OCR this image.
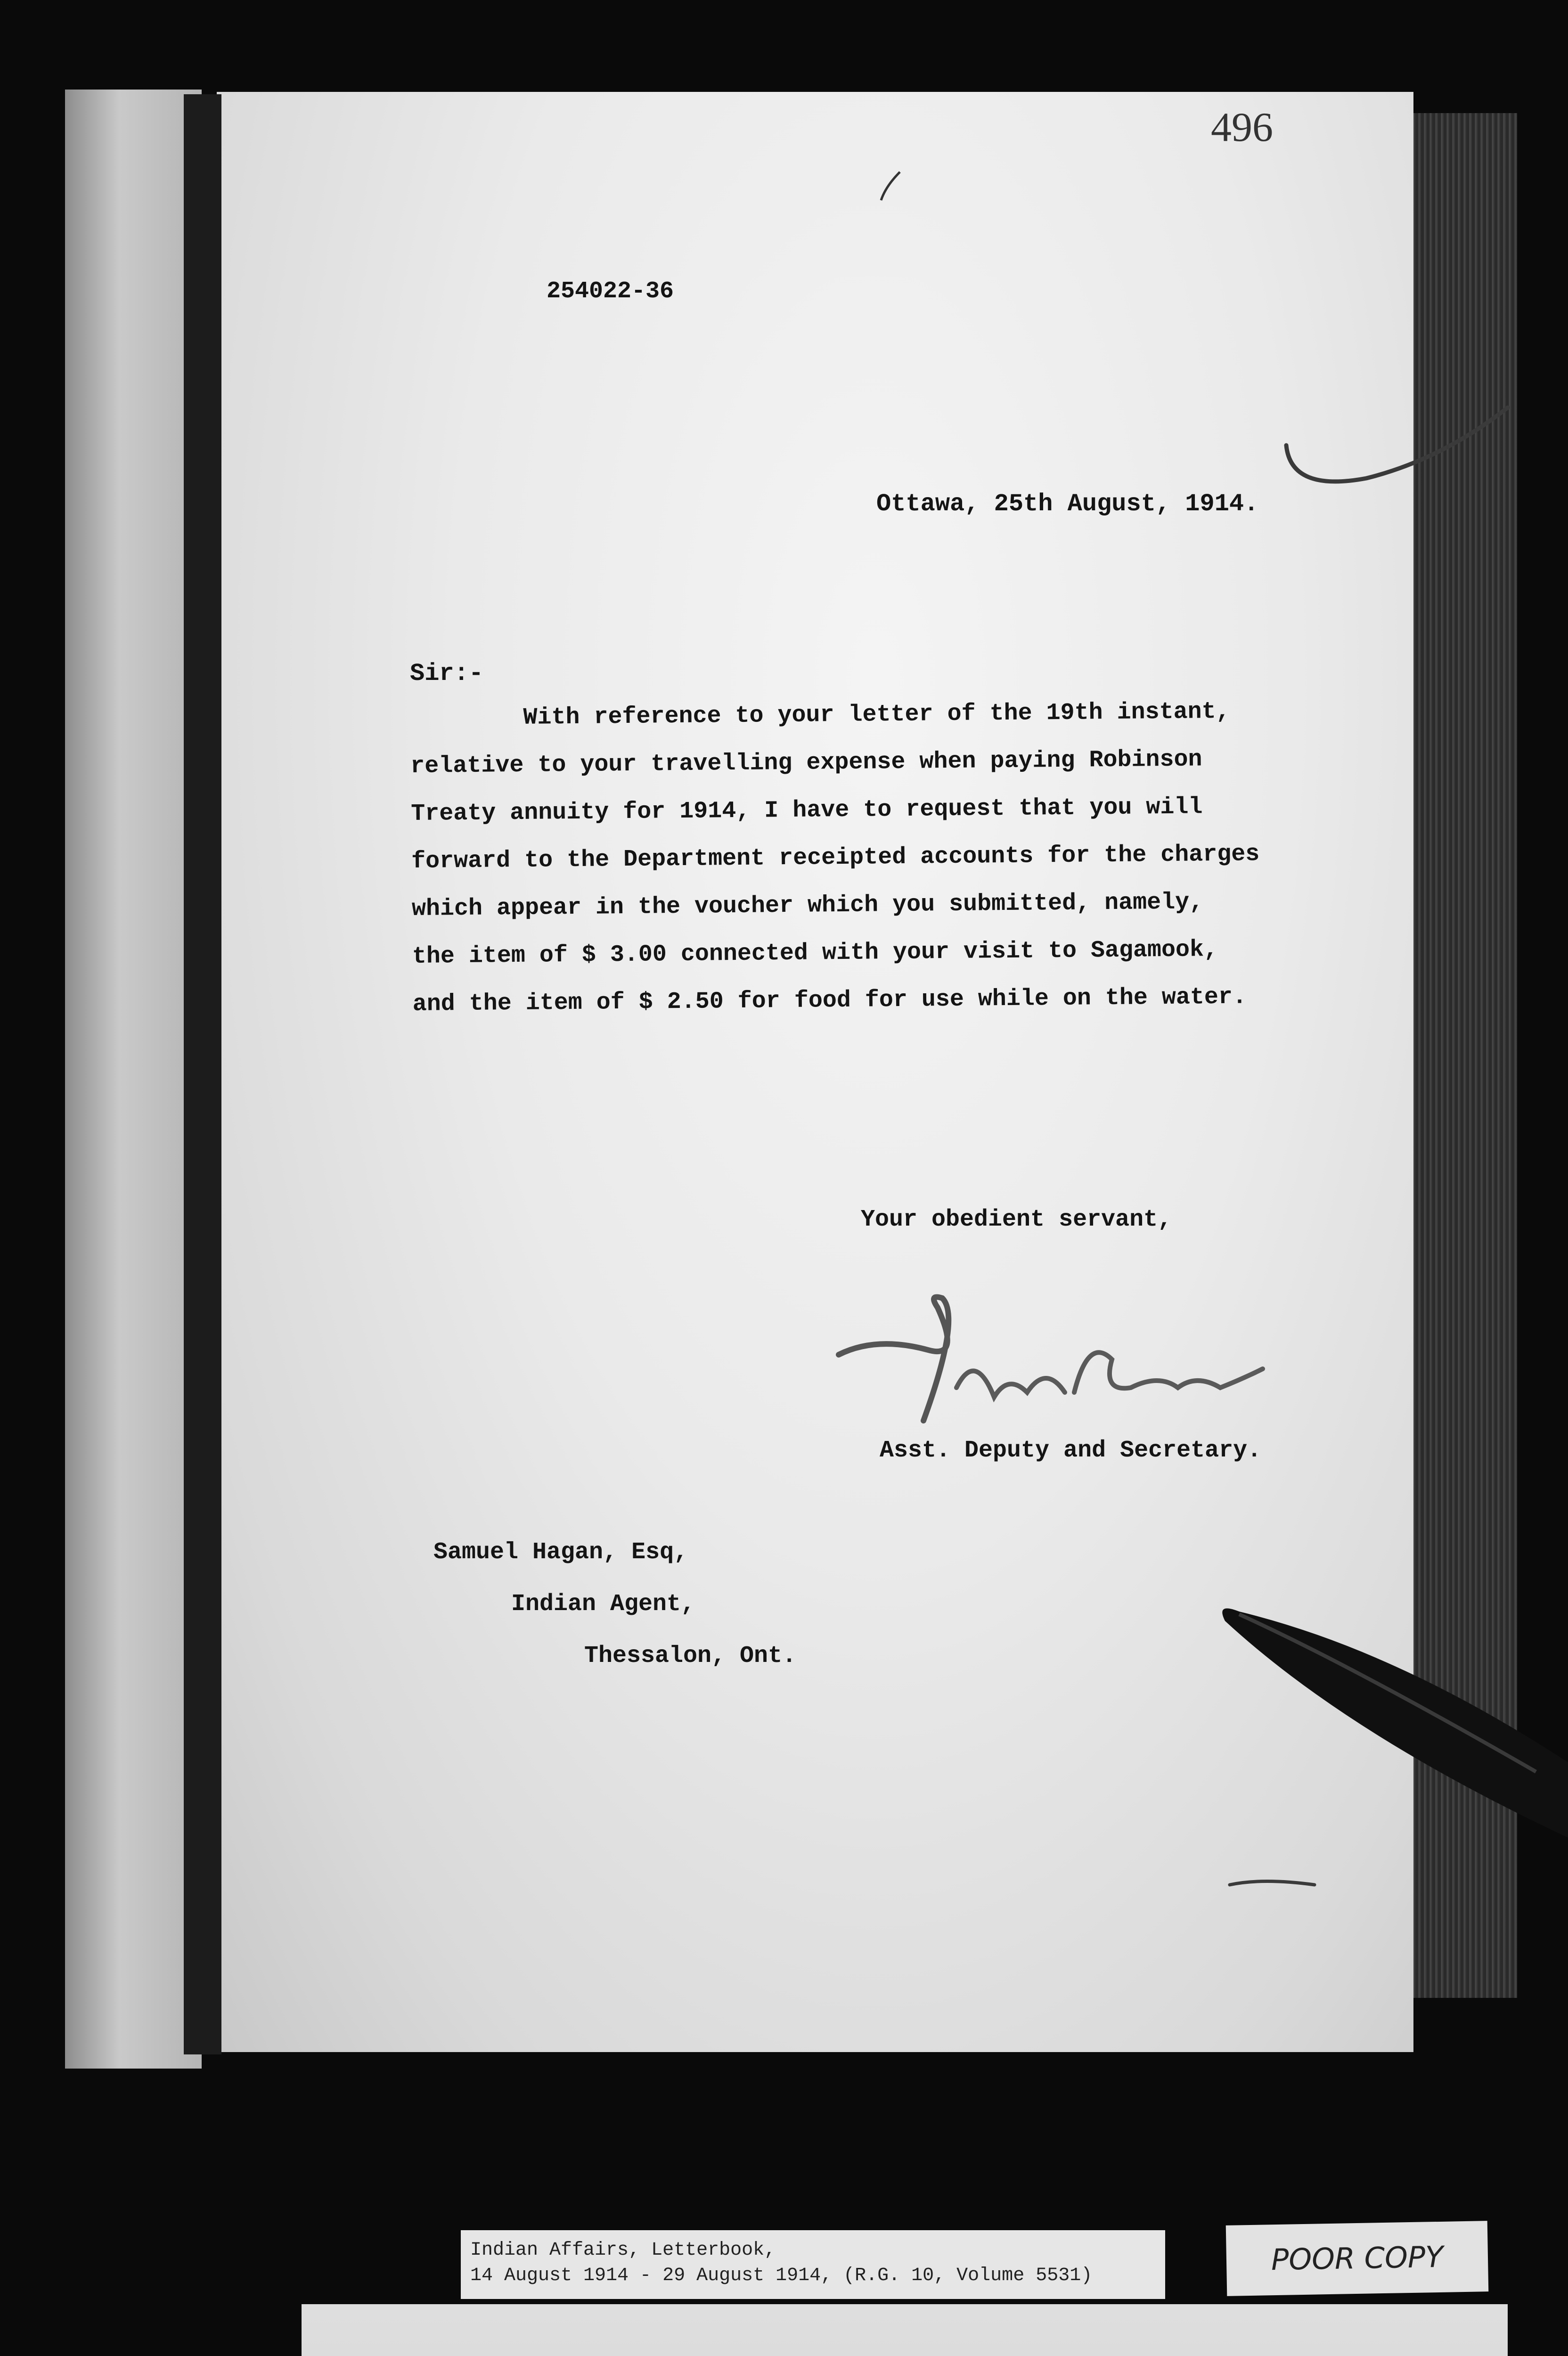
496
254022-36
Ottawa, 25th August, 1914.
Sir:-
With reference to your letter of the 19th instant,
relative to your travelling expense when paying Robinson
Treaty annuity for 1914, I have to request that you will
forward to the Department receipted accounts for the charges
which appear in the voucher which you submitted, namely,
the item of $ 3.00 connected with your visit to Sagamook,
and the item of $ 2.50 for food for use while on the water.
Your obedient servant,
Asst. Deputy and Secretary.
Samuel Hagan, Esq,
Indian Agent,
Thessalon, Ont.
Indian Affairs, Letterbook,
14 August 1914 - 29 August 1914, (R.G. 10, Volume 5531)	POOR COPY
